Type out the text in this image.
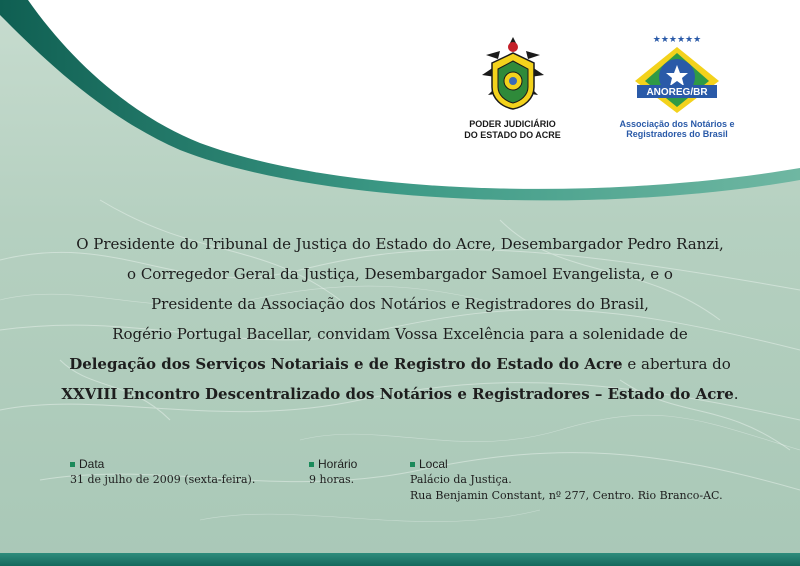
PODER JUDICIÁRIO
DO ESTADO DO ACRE
★★★★★★
ANOREG/BR
Associação dos Notários e
Registradores do Brasil

O Presidente do Tribunal de Justiça do Estado do Acre, Desembargador Pedro Ranzi,

o Corregedor Geral da Justiça, Desembargador Samoel Evangelista, e o

Presidente da Associação dos Notários e Registradores do Brasil,

Rogério Portugal Bacellar, convidam Vossa Excelência para a solenidade de

Delegação dos Serviços Notariais e de Registro do Estado do Acre e abertura do

XXVIII Encontro Descentralizado dos Notários e Registradores – Estado do Acre.

Data
31 de julho de 2009 (sexta-feira).
Horário
9 horas.
Local
Palácio da Justiça.
Rua Benjamin Constant, nº 277, Centro. Rio Branco-AC.
